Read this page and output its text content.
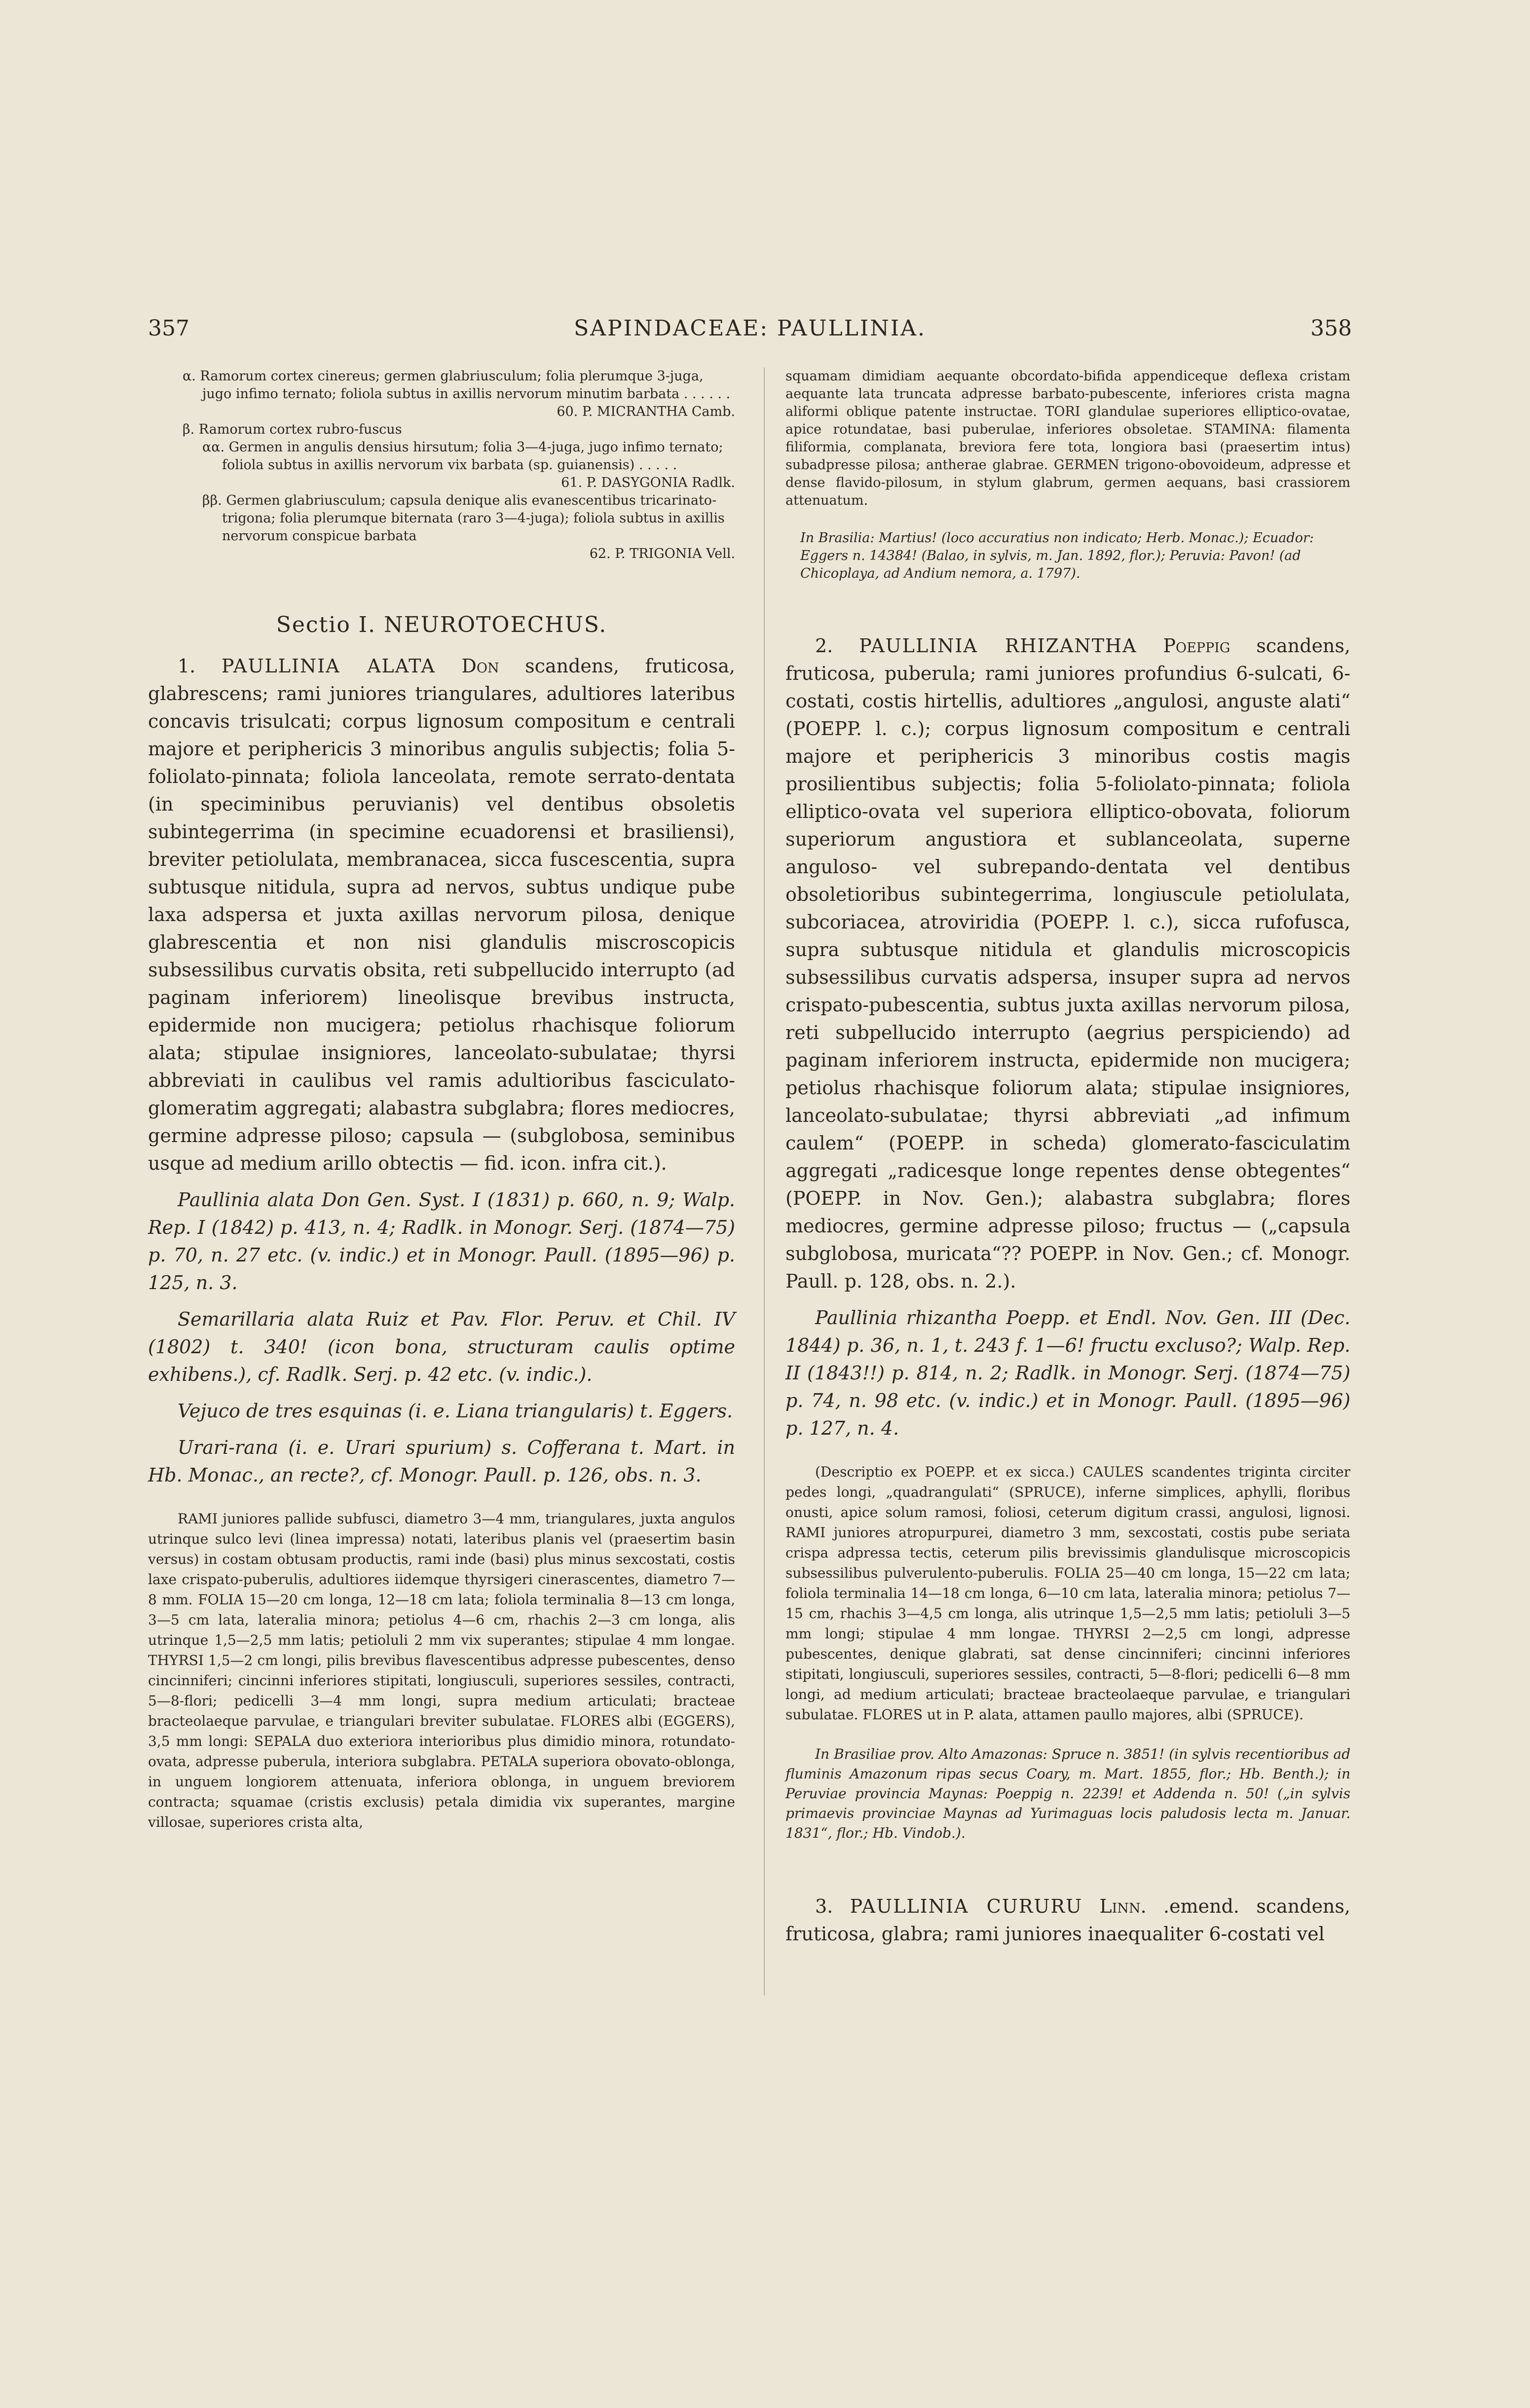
357	SAPINDACEAE: PAULLINIA.	358
α. Ramorum cortex cinereus; germen glabriusculum; folia plerumque 3-juga, jugo infimo ternato; foliola subtus in axillis nervorum minutim barbata . . . . . .
60. P. MICRANTHA Camb.
β. Ramorum cortex rubro-fuscus
αα. Germen in angulis densius hirsutum; folia 3—4-juga, jugo infimo ternato; foliola subtus in axillis nervorum vix barbata (sp. guianensis) . . . . .
61. P. DASYGONIA Radlk.
ββ. Germen glabriusculum; capsula denique alis evanescentibus tricarinato-trigona; folia plerumque biternata (raro 3—4-juga); foliola subtus in axillis nervorum conspicue barbata
62. P. TRIGONIA Vell.
Sectio I. NEUROTOECHUS.

1. PAULLINIA ALATA Don scandens, fruticosa, glabrescens; rami juniores triangulares, adultiores lateribus concavis trisulcati; corpus lignosum compositum e centrali majore et periphericis 3 minoribus angulis subjectis; folia 5-foliolato-pinnata; foliola lanceolata, remote serrato-dentata (in speciminibus peruvianis) vel dentibus obsoletis subintegerrima (in specimine ecuadorensi et brasiliensi), breviter petiolulata, membranacea, sicca fuscescentia, supra subtusque nitidula, supra ad nervos, subtus undique pube laxa adspersa et juxta axillas nervorum pilosa, denique glabrescentia et non nisi glandulis miscroscopicis subsessilibus curvatis obsita, reti subpellucido interrupto (ad paginam inferiorem) lineolisque brevibus instructa, epidermide non mucigera; petiolus rhachisque foliorum alata; stipulae insigniores, lanceolato-subulatae; thyrsi abbreviati in caulibus vel ramis adultioribus fasciculato-glomeratim aggregati; alabastra subglabra; flores mediocres, germine adpresse piloso; capsula — (subglobosa, seminibus usque ad medium arillo obtectis — fid. icon. infra cit.).

Paullinia alata Don Gen. Syst. I (1831) p. 660, n. 9; Walp. Rep. I (1842) p. 413, n. 4; Radlk. in Monogr. Serj. (1874—75) p. 70, n. 27 etc. (v. indic.) et in Monogr. Paull. (1895—96) p. 125, n. 3.

Semarillaria alata Ruiz et Pav. Flor. Peruv. et Chil. IV (1802) t. 340! (icon bona, structuram caulis optime exhibens.), cf. Radlk. Serj. p. 42 etc. (v. indic.).

Vejuco de tres esquinas (i. e. Liana triangularis) t. Eggers.

Urari-rana (i. e. Urari spurium) s. Cofferana t. Mart. in Hb. Monac., an recte?, cf. Monogr. Paull. p. 126, obs. n. 3.

RAMI juniores pallide subfusci, diametro 3—4 mm, triangulares, juxta angulos utrinque sulco levi (linea impressa) notati, lateribus planis vel (praesertim basin versus) in costam obtusam productis, rami inde (basi) plus minus sexcostati, costis laxe crispato-puberulis, adultiores iidemque thyrsigeri cinerascentes, diametro 7—8 mm. FOLIA 15—20 cm longa, 12—18 cm lata; foliola terminalia 8—13 cm longa, 3—5 cm lata, lateralia minora; petiolus 4—6 cm, rhachis 2—3 cm longa, alis utrinque 1,5—2,5 mm latis; petioluli 2 mm vix superantes; stipulae 4 mm longae. THYRSI 1,5—2 cm longi, pilis brevibus flavescentibus adpresse pubescentes, denso cincinniferi; cincinni inferiores stipitati, longiusculi, superiores sessiles, contracti, 5—8-flori; pedicelli 3—4 mm longi, supra medium articulati; bracteae bracteolaeque parvulae, e triangulari breviter subulatae. FLORES albi (EGGERS), 3,5 mm longi: SEPALA duo exteriora interioribus plus dimidio minora, rotundato-ovata, adpresse puberula, interiora subglabra. PETALA superiora obovato-oblonga, in unguem longiorem attenuata, inferiora oblonga, in unguem breviorem contracta; squamae (cristis exclusis) petala dimidia vix superantes, margine villosae, superiores crista alta,

squamam dimidiam aequante obcordato-bifida appendiceque deflexa cristam aequante lata truncata adpresse barbato-pubescente, inferiores crista magna aliformi oblique patente instructae. TORI glandulae superiores elliptico-ovatae, apice rotundatae, basi puberulae, inferiores obsoletae. STAMINA: filamenta filiformia, complanata, breviora fere tota, longiora basi (praesertim intus) subadpresse pilosa; antherae glabrae. GERMEN trigono-obovoideum, adpresse et dense flavido-pilosum, in stylum glabrum, germen aequans, basi crassiorem attenuatum.

In Brasilia: Martius! (loco accuratius non indicato; Herb. Monac.); Ecuador: Eggers n. 14384! (Balao, in sylvis, m. Jan. 1892, flor.); Peruvia: Pavon! (ad Chicoplaya, ad Andium nemora, a. 1797).

2. PAULLINIA RHIZANTHA Poeppig scandens, fruticosa, puberula; rami juniores profundius 6-sulcati, 6-costati, costis hirtellis, adultiores „angulosi, anguste alati“ (POEPP. l. c.); corpus lignosum compositum e centrali majore et periphericis 3 minoribus costis magis prosilientibus subjectis; folia 5-foliolato-pinnata; foliola elliptico-ovata vel superiora elliptico-obovata, foliorum superiorum angustiora et sublanceolata, superne anguloso- vel subrepando-dentata vel dentibus obsoletioribus subintegerrima, longiuscule petiolulata, subcoriacea, atroviridia (POEPP. l. c.), sicca rufofusca, supra subtusque nitidula et glandulis microscopicis subsessilibus curvatis adspersa, insuper supra ad nervos crispato-pubescentia, subtus juxta axillas nervorum pilosa, reti subpellucido interrupto (aegrius perspiciendo) ad paginam inferiorem instructa, epidermide non mucigera; petiolus rhachisque foliorum alata; stipulae insigniores, lanceolato-subulatae; thyrsi abbreviati „ad infimum caulem“ (POEPP. in scheda) glomerato-fasciculatim aggregati „radicesque longe repentes dense obtegentes“ (POEPP. in Nov. Gen.); alabastra subglabra; flores mediocres, germine adpresse piloso; fructus — („capsula subglobosa, muricata“?? POEPP. in Nov. Gen.; cf. Monogr. Paull. p. 128, obs. n. 2.).

Paullinia rhizantha Poepp. et Endl. Nov. Gen. III (Dec. 1844) p. 36, n. 1, t. 243 f. 1—6! fructu excluso?; Walp. Rep. II (1843!!) p. 814, n. 2; Radlk. in Monogr. Serj. (1874—75) p. 74, n. 98 etc. (v. indic.) et in Monogr. Paull. (1895—96) p. 127, n. 4.

(Descriptio ex POEPP. et ex sicca.) CAULES scandentes triginta circiter pedes longi, „quadrangulati“ (SPRUCE), inferne simplices, aphylli, floribus onusti, apice solum ramosi, foliosi, ceterum digitum crassi, angulosi, lignosi. RAMI juniores atropurpurei, diametro 3 mm, sexcostati, costis pube seriata crispa adpressa tectis, ceterum pilis brevissimis glandulisque microscopicis subsessilibus pulverulento-puberulis. FOLIA 25—40 cm longa, 15—22 cm lata; foliola terminalia 14—18 cm longa, 6—10 cm lata, lateralia minora; petiolus 7—15 cm, rhachis 3—4,5 cm longa, alis utrinque 1,5—2,5 mm latis; petioluli 3—5 mm longi; stipulae 4 mm longae. THYRSI 2—2,5 cm longi, adpresse pubescentes, denique glabrati, sat dense cincinniferi; cincinni inferiores stipitati, longiusculi, superiores sessiles, contracti, 5—8-flori; pedicelli 6—8 mm longi, ad medium articulati; bracteae bracteolaeque parvulae, e triangulari subulatae. FLORES ut in P. alata, attamen paullo majores, albi (SPRUCE).

In Brasiliae prov. Alto Amazonas: Spruce n. 3851! (in sylvis recentioribus ad fluminis Amazonum ripas secus Coary, m. Mart. 1855, flor.; Hb. Benth.); in Peruviae provincia Maynas: Poeppig n. 2239! et Addenda n. 50! („in sylvis primaevis provinciae Maynas ad Yurimaguas locis paludosis lecta m. Januar. 1831“, flor.; Hb. Vindob.).

3. PAULLINIA CURURU Linn. .emend. scandens, fruticosa, glabra; rami juniores inaequaliter 6-costati vel
